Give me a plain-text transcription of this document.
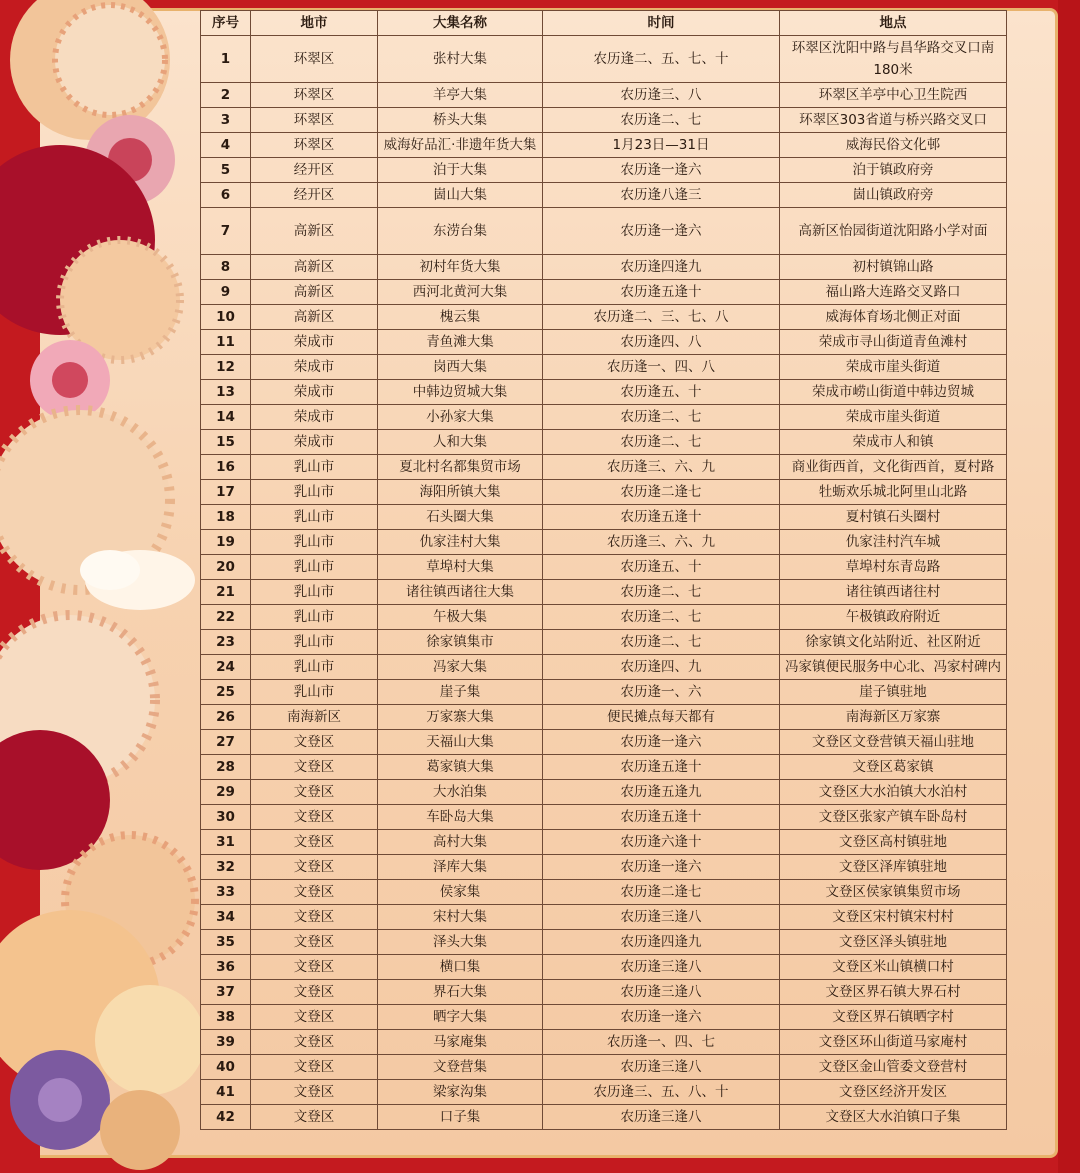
序号	地市	大集名称	时间	地点
1	环翠区	张村大集	农历逢二、五、七、十	环翠区沈阳中路与昌华路交叉口南180米
2	环翠区	羊亭大集	农历逢三、八	环翠区羊亭中心卫生院西
3	环翠区	桥头大集	农历逢二、七	环翠区303省道与桥兴路交叉口
4	环翠区	威海好品汇·非遗年货大集	1月23日—31日	威海民俗文化邨
5	经开区	泊于大集	农历逢一逢六	泊于镇政府旁
6	经开区	崮山大集	农历逢八逢三	崮山镇政府旁
7	高新区	东涝台集	农历逢一逢六	高新区怡园街道沈阳路小学对面
8	高新区	初村年货大集	农历逢四逢九	初村镇锦山路
9	高新区	西河北黄河大集	农历逢五逢十	福山路大连路交叉路口
10	高新区	槐云集	农历逢二、三、七、八	威海体育场北侧正对面
11	荣成市	青鱼滩大集	农历逢四、八	荣成市寻山街道青鱼滩村
12	荣成市	岗西大集	农历逢一、四、八	荣成市崖头街道
13	荣成市	中韩边贸城大集	农历逢五、十	荣成市崂山街道中韩边贸城
14	荣成市	小孙家大集	农历逢二、七	荣成市崖头街道
15	荣成市	人和大集	农历逢二、七	荣成市人和镇
16	乳山市	夏北村名都集贸市场	农历逢三、六、九	商业街西首，文化街西首，夏村路
17	乳山市	海阳所镇大集	农历逢二逢七	牡蛎欢乐城北阿里山北路
18	乳山市	石头圈大集	农历逢五逢十	夏村镇石头圈村
19	乳山市	仇家洼村大集	农历逢三、六、九	仇家洼村汽车城
20	乳山市	草埠村大集	农历逢五、十	草埠村东青岛路
21	乳山市	诸往镇西诸往大集	农历逢二、七	诸往镇西诸往村
22	乳山市	午极大集	农历逢二、七	午极镇政府附近
23	乳山市	徐家镇集市	农历逢二、七	徐家镇文化站附近、社区附近
24	乳山市	冯家大集	农历逢四、九	冯家镇便民服务中心北、冯家村碑内
25	乳山市	崖子集	农历逢一、六	崖子镇驻地
26	南海新区	万家寨大集	便民摊点每天都有	南海新区万家寨
27	文登区	天福山大集	农历逢一逢六	文登区文登营镇天福山驻地
28	文登区	葛家镇大集	农历逢五逢十	文登区葛家镇
29	文登区	大水泊集	农历逢五逢九	文登区大水泊镇大水泊村
30	文登区	车卧岛大集	农历逢五逢十	文登区张家产镇车卧岛村
31	文登区	高村大集	农历逢六逢十	文登区高村镇驻地
32	文登区	泽库大集	农历逢一逢六	文登区泽库镇驻地
33	文登区	侯家集	农历逢二逢七	文登区侯家镇集贸市场
34	文登区	宋村大集	农历逢三逢八	文登区宋村镇宋村村
35	文登区	泽头大集	农历逢四逢九	文登区泽头镇驻地
36	文登区	横口集	农历逢三逢八	文登区米山镇横口村
37	文登区	界石大集	农历逢三逢八	文登区界石镇大界石村
38	文登区	晒字大集	农历逢一逢六	文登区界石镇晒字村
39	文登区	马家庵集	农历逢一、四、七	文登区环山街道马家庵村
40	文登区	文登营集	农历逢三逢八	文登区金山管委文登营村
41	文登区	梁家沟集	农历逢三、五、八、十	文登区经济开发区
42	文登区	口子集	农历逢三逢八	文登区大水泊镇口子集
